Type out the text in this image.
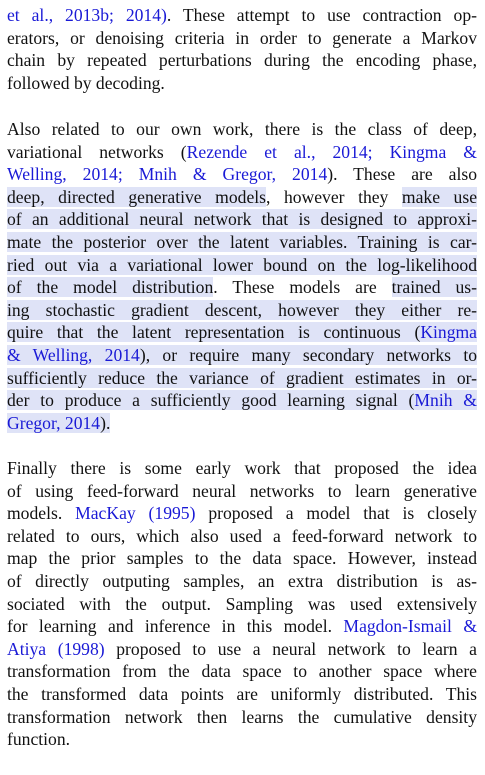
et al., 2013b; 2014). These attempt to use contraction op-
erators, or denoising criteria in order to generate a Markov
chain by repeated perturbations during the encoding phase,
followed by decoding.
Also related to our own work, there is the class of deep,
variational networks (Rezende et al., 2014; Kingma &
Welling, 2014; Mnih & Gregor, 2014). These are also
deep, directed generative models, however they make use
of an additional neural network that is designed to approxi-
mate the posterior over the latent variables. Training is car-
ried out via a variational lower bound on the log-likelihood
of the model distribution. These models are trained us-
ing stochastic gradient descent, however they either re-
quire that the latent representation is continuous (Kingma
& Welling, 2014), or require many secondary networks to
sufficiently reduce the variance of gradient estimates in or-
der to produce a sufficiently good learning signal (Mnih &
Gregor, 2014).
Finally there is some early work that proposed the idea
of using feed-forward neural networks to learn generative
models. MacKay (1995) proposed a model that is closely
related to ours, which also used a feed-forward network to
map the prior samples to the data space. However, instead
of directly outputing samples, an extra distribution is as-
sociated with the output. Sampling was used extensively
for learning and inference in this model. Magdon-Ismail &
Atiya (1998) proposed to use a neural network to learn a
transformation from the data space to another space where
the transformed data points are uniformly distributed. This
transformation network then learns the cumulative density
function.
